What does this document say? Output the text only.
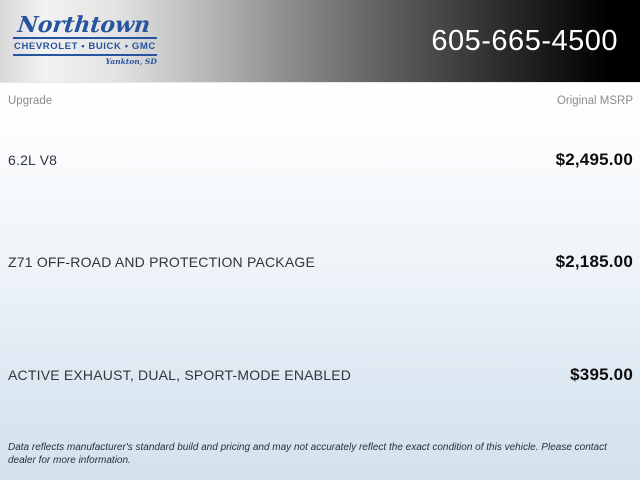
Northtown
CHEVROLET • BUICK • GMC
Yankton, SD
605-665-4500
Upgrade	Original MSRP
6.2L V8	$2,495.00
Z71 OFF-ROAD AND PROTECTION PACKAGE	$2,185.00
ACTIVE EXHAUST, DUAL, SPORT-MODE ENABLED	$395.00
Data reflects manufacturer's standard build and pricing and may not accurately reflect the exact condition of this vehicle. Please contact dealer for more information.
